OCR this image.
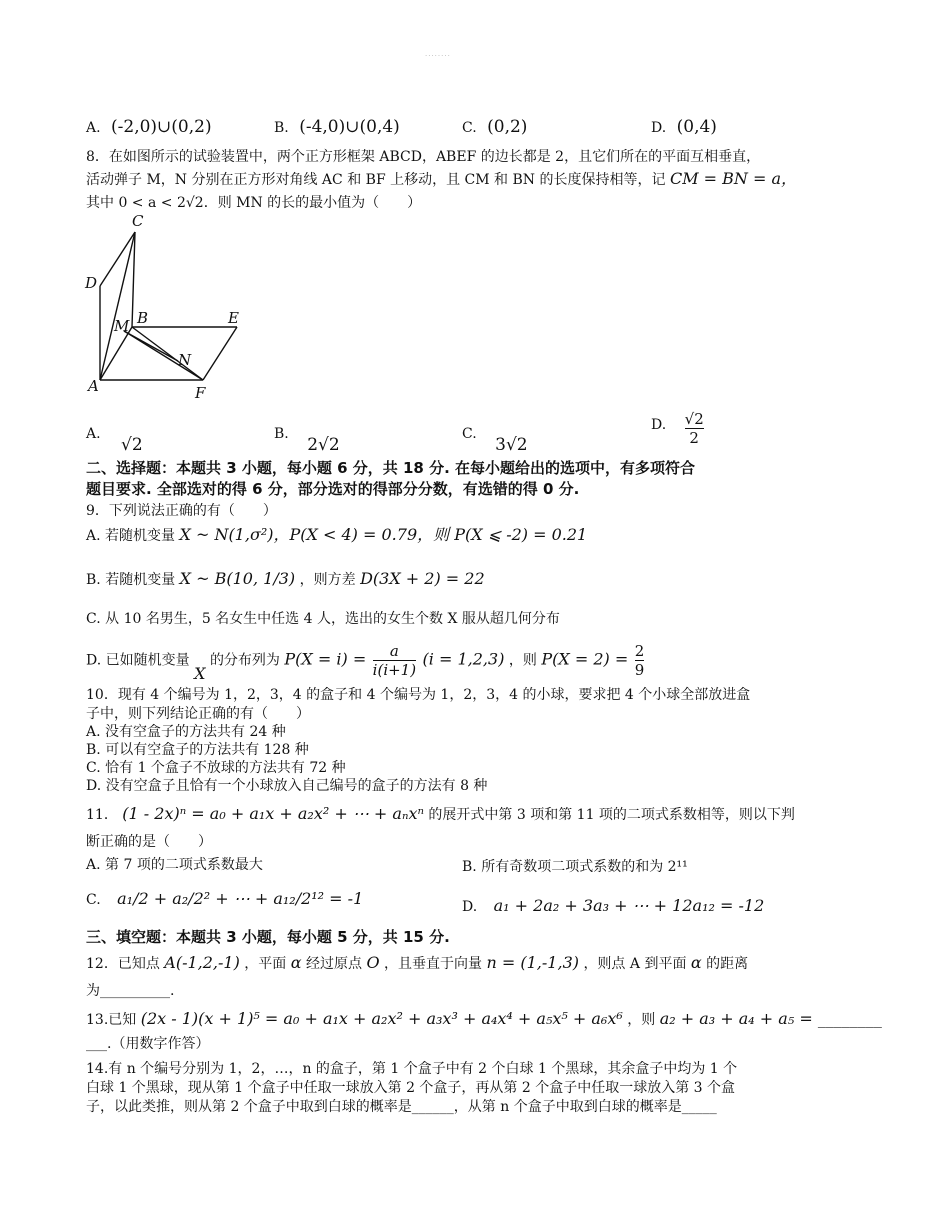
········
A. (-2,0)∪(0,2)	B. (-4,0)∪(0,4)	C. (0,2)	D. (0,4)
8．在如图所示的试验装置中，两个正方形框架 ABCD，ABEF 的边长都是 2，且它们所在的平面互相垂直，
活动弹子 M，N 分别在正方形对角线 AC 和 BF 上移动，且 CM 和 BN 的长度保持相等，记 CM = BN = a，
其中 0 < a < 2√2．则 MN 的长的最小值为（　　）
C
D
M B	E
N
A	F
A. √2
B. 2√2
C. 3√2
D. $\frac{√2}{2}$
二、选择题：本题共 3 小题，每小题 6 分，共 18 分. 在每小题给出的选项中，有多项符合
题目要求. 全部选对的得 6 分，部分选对的得部分分数，有选错的得 0 分.
9．下列说法正确的有（　　）
A. 若随机变量 X ~ N(1,σ²)，P(X < 4) = 0.79，则 P(X ⩽ -2) = 0.21
B. 若随机变量 X ~ B(10, 1/3) ，则方差 D(3X + 2) = 22
C. 从 10 名男生，5 名女生中任选 4 人，选出的女生个数 X 服从超几何分布
D. 已如随机变量 X 的分布列为 $P(X = i) = \frac{a}{i(i+1)} (i = 1,2,3)$ ，则 $P(X = 2) = \frac{2}{9}$
10．现有 4 个编号为 1，2，3，4 的盒子和 4 个编号为 1，2，3，4 的小球，要求把 4 个小球全部放进盒
子中，则下列结论正确的有（　　）
A. 没有空盒子的方法共有 24 种
B. 可以有空盒子的方法共有 128 种
C. 恰有 1 个盒子不放球的方法共有 72 种
D. 没有空盒子且恰有一个小球放入自己编号的盒子的方法有 8 种
11． (1 - 2x)ⁿ = a₀ + a₁x + a₂x² + ⋯ + aₙxⁿ 的展开式中第 3 项和第 11 项的二项式系数相等，则以下判
断正确的是（　　）
A. 第 7 项的二项式系数最大	B. 所有奇数项二项式系数的和为 2¹¹
C. a₁/2 + a₂/2² + ⋯ + a₁₂/2¹² = -1	D. a₁ + 2a₂ + 3a₃ + ⋯ + 12a₁₂ = -12
三、填空题：本题共 3 小题，每小题 5 分，共 15 分.
12．已知点 A(-1,2,-1) ，平面 α 经过原点 O ，且垂直于向量 n = (1,-1,3) ，则点 A 到平面 α 的距离
为__________.
13.已知 (2x - 1)(x + 1)⁵ = a₀ + a₁x + a₂x² + a₃x³ + a₄x⁴ + a₅x⁵ + a₆x⁶ ，则 a₂ + a₃ + a₄ + a₅ = ________
___.（用数字作答）
14.有 n 个编号分别为 1，2，…，n 的盒子，第 1 个盒子中有 2 个白球 1 个黑球，其余盒子中均为 1 个
白球 1 个黑球，现从第 1 个盒子中任取一球放入第 2 个盒子，再从第 2 个盒子中任取一球放入第 3 个盒
子，以此类推，则从第 2 个盒子中取到白球的概率是______，从第 n 个盒子中取到白球的概率是_____
